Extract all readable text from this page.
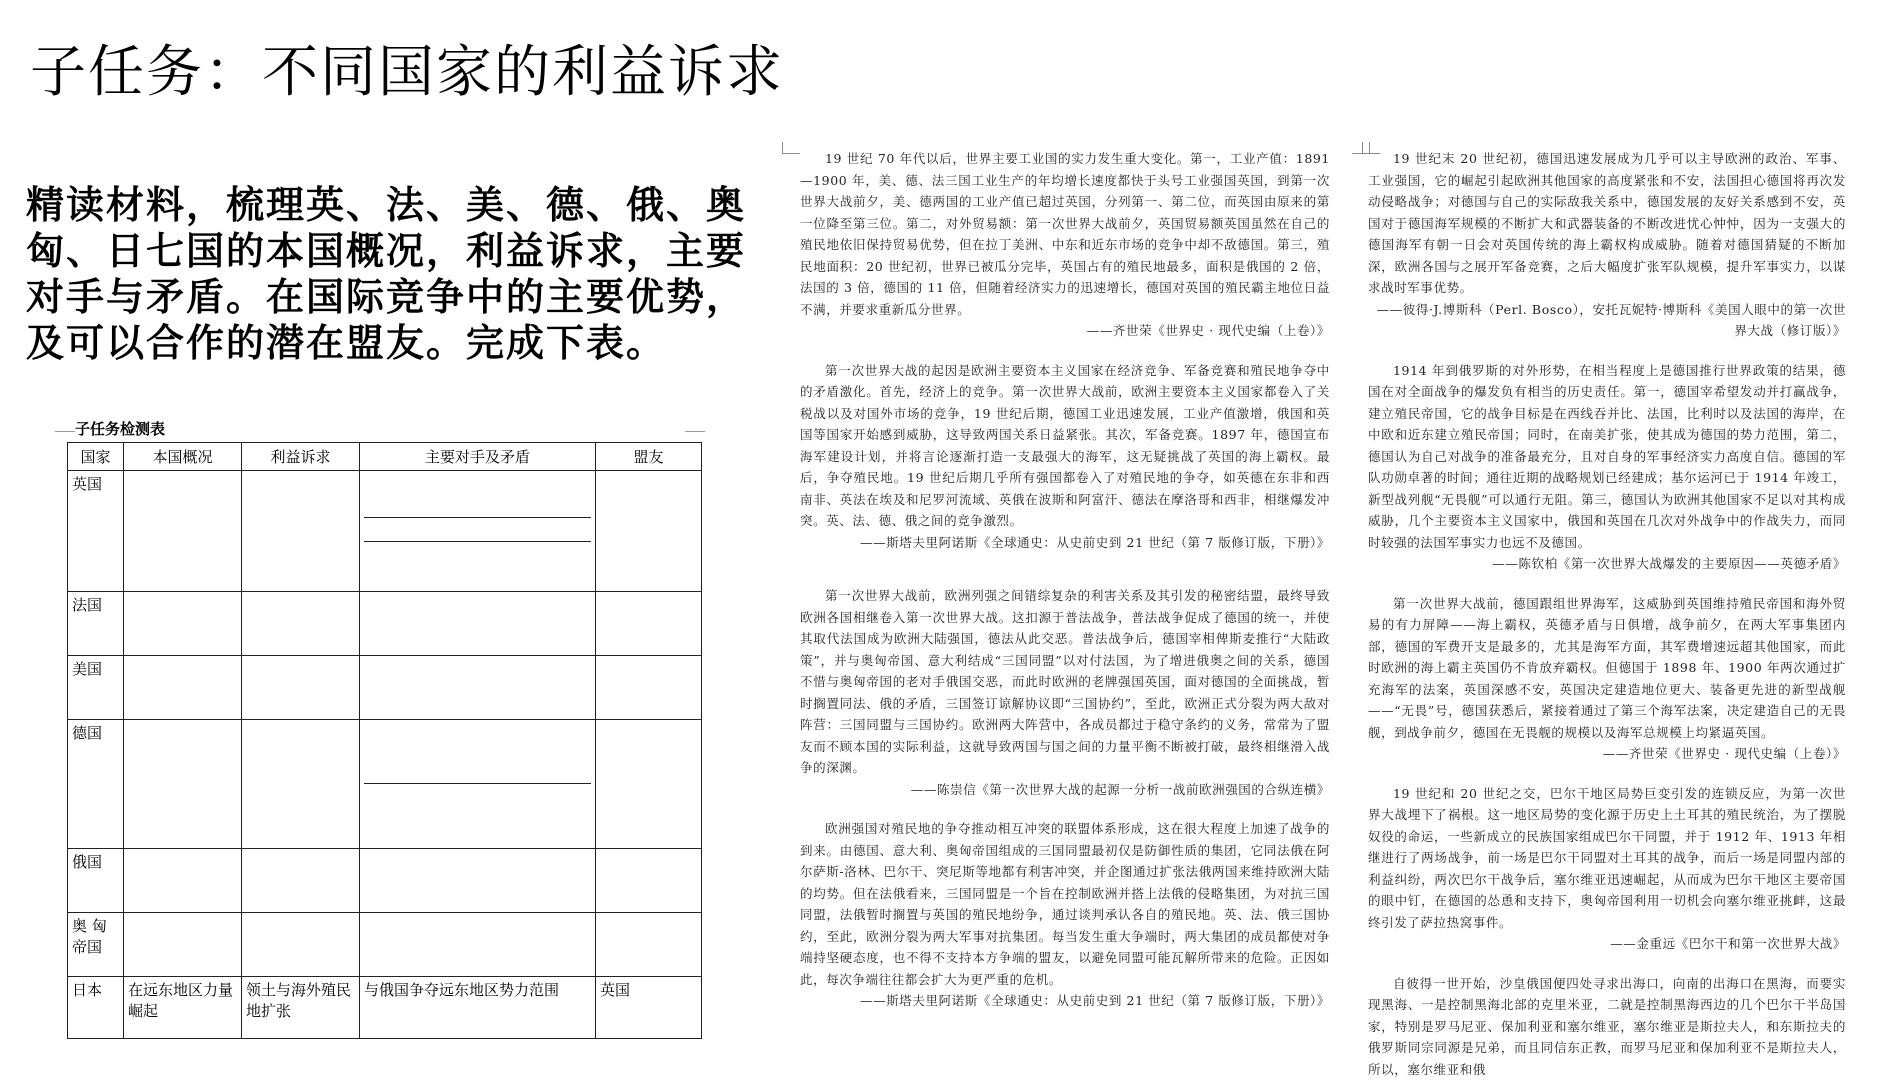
子任务：不同国家的利益诉求

精读材料，梳理英、法、美、德、俄、奥匈、日七国的本国概况，利益诉求，主要对手与矛盾。在国际竞争中的主要优势，及可以合作的潜在盟友。完成下表。

子任务检测表
国家	本国概况	利益诉求	主要对手及矛盾	盟友
英国			

法国				
美国				
德国			

俄国				
奥 匈 帝国				
日本	在远东地区力量崛起	领土与海外殖民地扩张	与俄国争夺远东地区势力范围	英国

19 世纪 70 年代以后，世界主要工业国的实力发生重大变化。第一，工业产值：1891—1900 年，美、德、法三国工业生产的年均增长速度都快于头号工业强国英国，到第一次世界大战前夕，美、德两国的工业产值已超过英国，分列第一、第二位，而英国由原来的第一位降至第三位。第二，对外贸易额：第一次世界大战前夕，英国贸易额英国虽然在自己的殖民地依旧保持贸易优势，但在拉丁美洲、中东和近东市场的竞争中却不敌德国。第三，殖民地面积：20 世纪初，世界已被瓜分完毕，英国占有的殖民地最多，面积是俄国的 2 倍，法国的 3 倍，德国的 11 倍，但随着经济实力的迅速增长，德国对英国的殖民霸主地位日益不满，并要求重新瓜分世界。

——齐世荣《世界史 · 现代史编（上卷）》

第一次世界大战的起因是欧洲主要资本主义国家在经济竞争、军备竞赛和殖民地争夺中的矛盾激化。首先，经济上的竞争。第一次世界大战前，欧洲主要资本主义国家都卷入了关税战以及对国外市场的竞争，19 世纪后期，德国工业迅速发展，工业产值激增，俄国和英国等国家开始感到威胁，这导致两国关系日益紧张。其次，军备竞赛。1897 年，德国宣布海军建设计划，并将言论逐渐打造一支最强大的海军，这无疑挑战了英国的海上霸权。最后，争夺殖民地。19 世纪后期几乎所有强国都卷入了对殖民地的争夺，如英德在东非和西南非、英法在埃及和尼罗河流域、英俄在波斯和阿富汗、德法在摩洛哥和西非，相继爆发冲突。英、法、德、俄之间的竞争激烈。

——斯塔夫里阿诺斯《全球通史：从史前史到 21 世纪（第 7 版修订版，下册）》

第一次世界大战前，欧洲列强之间错综复杂的利害关系及其引发的秘密结盟，最终导致欧洲各国相继卷入第一次世界大战。这扣源于普法战争，普法战争促成了德国的统一，并使其取代法国成为欧洲大陆强国，德法从此交恶。普法战争后，德国宰相俾斯麦推行“大陆政策”，并与奥匈帝国、意大利结成“三国同盟”以对付法国，为了增进俄奥之间的关系，德国不惜与奥匈帝国的老对手俄国交恶，而此时欧洲的老牌强国英国，面对德国的全面挑战，暂时搁置同法、俄的矛盾，三国签订谅解协议即“三国协约”，至此，欧洲正式分裂为两大敌对阵营：三国同盟与三国协约。欧洲两大阵营中，各成员都过于稳守条约的义务，常常为了盟友而不顾本国的实际利益，这就导致两国与国之间的力量平衡不断被打破，最终相继滑入战争的深渊。

——陈崇信《第一次世界大战的起源一分析一战前欧洲强国的合纵连横》

欧洲强国对殖民地的争夺推动相互冲突的联盟体系形成，这在很大程度上加速了战争的到来。由德国、意大利、奥匈帝国组成的三国同盟最初仅是防御性质的集团，它同法俄在阿尔萨斯-洛林、巴尔干、突尼斯等地都有利害冲突，并企图通过扩张法俄两国来维持欧洲大陆的均势。但在法俄看来，三国同盟是一个旨在控制欧洲并搭上法俄的侵略集团，为对抗三国同盟，法俄暂时搁置与英国的殖民地纷争，通过谈判承认各自的殖民地。英、法、俄三国协约，至此，欧洲分裂为两大军事对抗集团。每当发生重大争端时，两大集团的成员都使对争端持坚硬态度，也不得不支持本方争端的盟友，以避免同盟可能瓦解所带来的危险。正因如此，每次争端往往都会扩大为更严重的危机。

——斯塔夫里阿诺斯《全球通史：从史前史到 21 世纪（第 7 版修订版，下册）》

19 世纪末 20 世纪初，德国迅速发展成为几乎可以主导欧洲的政治、军事、工业强国，它的崛起引起欧洲其他国家的高度紧张和不安，法国担心德国将再次发动侵略战争；对德国与自己的实际敌我关系中，德国发展的友好关系感到不安，英国对于德国海军规模的不断扩大和武器装备的不断改进忧心忡忡，因为一支强大的德国海军有朝一日会对英国传统的海上霸权构成威胁。随着对德国猜疑的不断加深，欧洲各国与之展开军备竞赛，之后大幅度扩张军队规模，提升军事实力，以谋求战时军事优势。

——彼得·J.博斯科（Perl. Bosco），安托瓦妮特·博斯科《美国人眼中的第一次世界大战（修订版）》

1914 年到俄罗斯的对外形势，在相当程度上是德国推行世界政策的结果，德国在对全面战争的爆发负有相当的历史责任。第一，德国宰希望发动并打赢战争，建立殖民帝国，它的战争目标是在西线吞并比、法国，比利时以及法国的海岸，在中欧和近东建立殖民帝国；同时，在南美扩张，使其成为德国的势力范围，第二，德国认为自己对战争的准备最充分，且对自身的军事经济实力高度自信。德国的军队功勋卓著的时间；通往近期的战略规划已经建成；基尔运河已于 1914 年竣工，新型战列舰“无畏舰”可以通行无阻。第三，德国认为欧洲其他国家不足以对其构成威胁，几个主要资本主义国家中，俄国和英国在几次对外战争中的作战失力，而同时较强的法国军事实力也远不及德国。

——陈钦柏《第一次世界大战爆发的主要原因——英德矛盾》

第一次世界大战前，德国跟组世界海军，这威胁到英国维持殖民帝国和海外贸易的有力屏障——海上霸权，英德矛盾与日俱增，战争前夕，在两大军事集团内部，德国的军费开支是最多的，尤其是海军方面，其军费增速远超其他国家，而此时欧洲的海上霸主英国仍不肯放弃霸权。但德国于 1898 年、1900 年两次通过扩充海军的法案，英国深感不安，英国决定建造地位更大、装备更先进的新型战舰——“无畏”号，德国获悉后，紧接着通过了第三个海军法案，决定建造自己的无畏舰，到战争前夕，德国在无畏舰的规模以及海军总规模上均紧逼英国。

——齐世荣《世界史 · 现代史编（上卷）》

19 世纪和 20 世纪之交，巴尔干地区局势巨变引发的连锁反应，为第一次世界大战埋下了祸根。这一地区局势的变化源于历史上土耳其的殖民统治，为了摆脱奴役的命运，一些新成立的民族国家组成巴尔干同盟，并于 1912 年、1913 年相继进行了两场战争，前一场是巴尔干同盟对土耳其的战争，而后一场是同盟内部的利益纠纷，两次巴尔干战争后，塞尔维亚迅速崛起，从而成为巴尔干地区主要帝国的眼中钉，在德国的怂恿和支持下，奥匈帝国利用一切机会向塞尔维亚挑衅，这最终引发了萨拉热窝事件。

——金重远《巴尔干和第一次世界大战》

自彼得一世开始，沙皇俄国便四处寻求出海口，向南的出海口在黑海，而要实现黑海、一是控制黑海北部的克里米亚，二就是控制黑海西边的几个巴尔干半岛国家，特别是罗马尼亚、保加利亚和塞尔维亚，塞尔维亚是斯拉夫人，和东斯拉夫的俄罗斯同宗同源是兄弟，而且同信东正教，而罗马尼亚和保加利亚不是斯拉夫人，所以，塞尔维亚和俄
